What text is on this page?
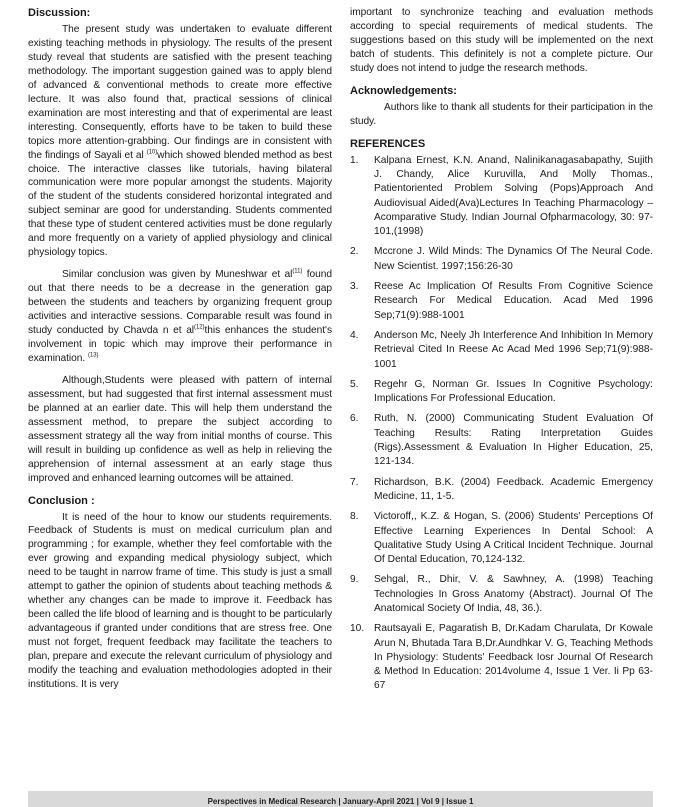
Discussion:

The present study was undertaken to evaluate different existing teaching methods in physiology. The results of the present study reveal that students are satisfied with the present teaching methodology. The important suggestion gained was to apply blend of advanced & conventional methods to create more effective lecture. It was also found that, practical sessions of clinical examination are most interesting and that of experimental are least interesting. Consequently, efforts have to be taken to build these topics more attention-grabbing. Our findings are in consistent with the findings of Sayali et al $^{(10)}$which showed blended method as best choice. The interactive classes like tutorials, having bilateral communication were more popular amongst the students. Majority of the student of the students considered horizontal integrated and subject seminar are good for understanding. Students commented that these type of student centered activities must be done regularly and more frequently on a variety of applied physiology and clinical physiology topics.

Similar conclusion was given by Muneshwar et $al^{(11)}$ found out that there needs to be a decrease in the generation gap between the students and teachers by organizing frequent group activities and interactive sessions. Comparable result was found in study conducted by Chavda n et $al^{(12)}this$ enhances the student's involvement in topic which may improve their performance in examination. $^{(13)}$

Although,Students were pleased with pattern of internal assessment, but had suggested that first internal assessment must be planned at an earlier date. This will help them understand the assessment method, to prepare the subject according to assessment strategy all the way from initial months of course. This will result in building up confidence as well as help in relieving the apprehension of internal assessment at an early stage thus improved and enhanced learning outcomes will be attained.

Conclusion :

It is need of the hour to know our students requirements. Feedback of Students is must on medical curriculum plan and programming ; for example, whether they feel comfortable with the ever growing and expanding medical physiology subject, which need to be taught in narrow frame of time. This study is just a small attempt to gather the opinion of students about teaching methods & whether any changes can be made to improve it. Feedback has been called the life blood of learning and is thought to be particularly advantageous if granted under conditions that are stress free. One must not forget, frequent feedback may facilitate the teachers to plan, prepare and execute the relevant curriculum of physiology and modify the teaching and evaluation methodologies adopted in their institutions. It is very

important to synchronize teaching and evaluation methods according to special requirements of medical students. The suggestions based on this study will be implemented on the next batch of students. This definitely is not a complete picture. Our study does not intend to judge the research methods.

Acknowledgements:

Authors like to thank all students for their participation in the study.

REFERENCES
1. Kalpana Ernest, K.N. Anand, Nalinikanagasabapathy, Sujith J. Chandy, Alice Kuruvilla, And Molly Thomas., Patientoriented Problem Solving (Pops)Approach And Audiovisual Aided(Ava)Lectures In Teaching Pharmacology – Acomparative Study. Indian Journal Ofpharmacology, 30: 97-101,(1998)
2. Mccrone J. Wild Minds: The Dynamics Of The Neural Code. New Scientist. 1997;156:26-30
3. Reese Ac Implication Of Results From Cognitive Science Research For Medical Education. Acad Med 1996 Sep;71(9):988-1001
4. Anderson Mc, Neely Jh Interference And Inhibition In Memory Retrieval Cited In Reese Ac Acad Med 1996 Sep;71(9):988-1001
5. Regehr G, Norman Gr. Issues In Cognitive Psychology: Implications For Professional Education.
6. Ruth, N. (2000) Communicating Student Evaluation Of Teaching Results: Rating Interpretation Guides (Rigs).Assessment & Evaluation In Higher Education, 25, 121-134.
7. Richardson, B.K. (2004) Feedback. Academic Emergency Medicine, 11, 1-5.
8. Victoroff,, K.Z. & Hogan, S. (2006) Students' Perceptions Of Effective Learning Experiences In Dental School: A Qualitative Study Using A Critical Incident Technique. Journal Of Dental Education, 70,124-132.
9. Sehgal, R., Dhir, V. & Sawhney, A. (1998) Teaching Technologies In Gross Anatomy (Abstract). Journal Of The Anatomical Society Of India, 48, 36.).
10. Rautsayali E, Pagaratish B, Dr.Kadam Charulata, Dr Kowale Arun N, Bhutada Tara B,Dr.Aundhkar V. G, Teaching Methods In Physiology: Students' Feedback Iosr Journal Of Research & Method In Education: 2014volume 4, Issue 1 Ver. Ii Pp 63-67
Perspectives in Medical Research | January-April 2021 | Vol 9 | Issue 1
